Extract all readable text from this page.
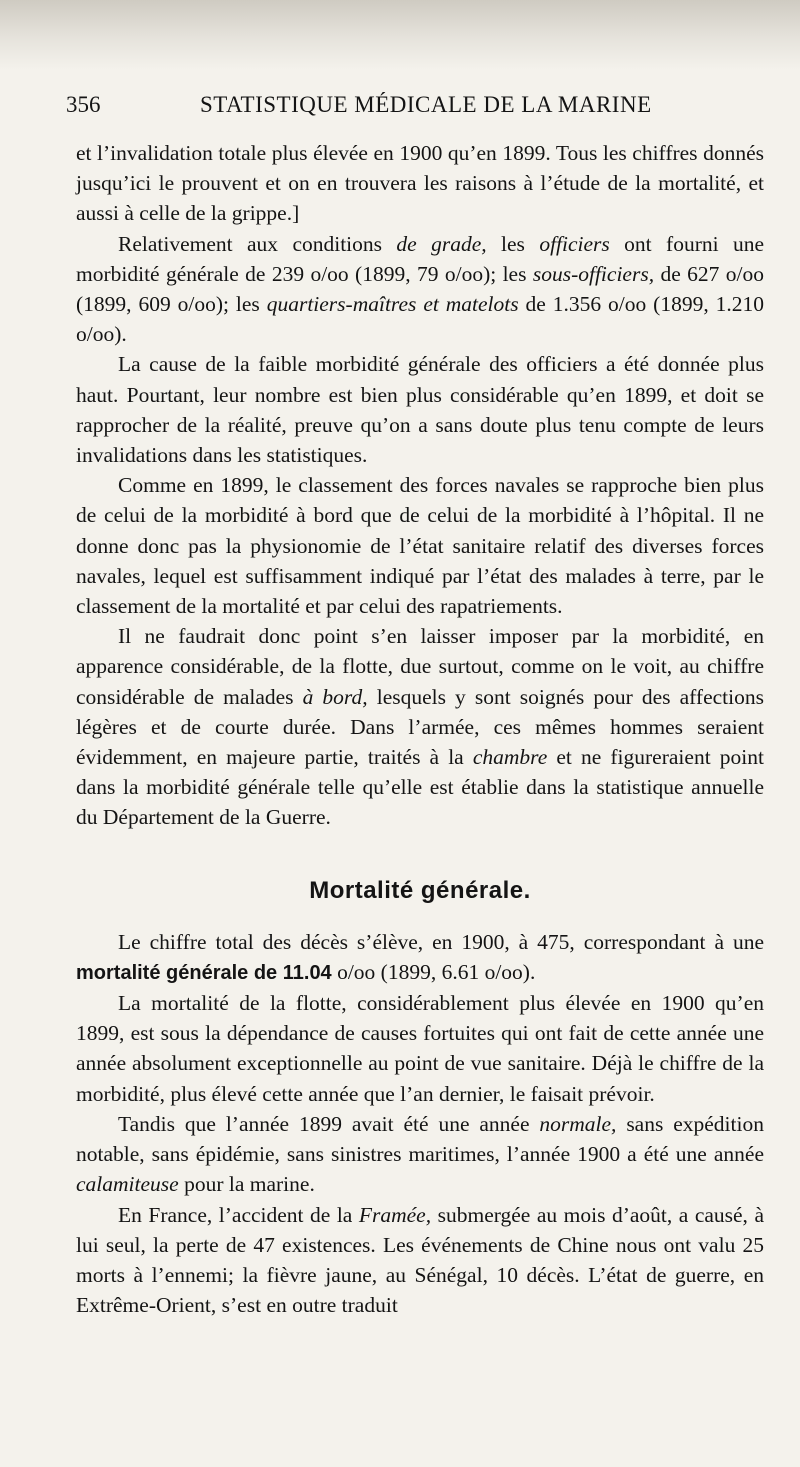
356	STATISTIQUE MÉDICALE DE LA MARINE

et l’invalidation totale plus élevée en 1900 qu’en 1899. Tous les chiffres donnés jusqu’ici le prouvent et on en trouvera les raisons à l’étude de la mortalité, et aussi à celle de la grippe.]

Relativement aux conditions de grade, les officiers ont fourni une morbidité générale de 239 o/oo (1899, 79 o/oo); les sous-officiers, de 627 o/oo (1899, 609 o/oo); les quartiers-maîtres et matelots de 1.356 o/oo (1899, 1.210 o/oo).

La cause de la faible morbidité générale des officiers a été donnée plus haut. Pourtant, leur nombre est bien plus considérable qu’en 1899, et doit se rapprocher de la réalité, preuve qu’on a sans doute plus tenu compte de leurs invalidations dans les statistiques.

Comme en 1899, le classement des forces navales se rapproche bien plus de celui de la morbidité à bord que de celui de la morbidité à l’hôpital. Il ne donne donc pas la physionomie de l’état sanitaire relatif des diverses forces navales, lequel est suffisamment indiqué par l’état des malades à terre, par le classement de la mortalité et par celui des rapatriements.

Il ne faudrait donc point s’en laisser imposer par la morbidité, en apparence considérable, de la flotte, due surtout, comme on le voit, au chiffre considérable de malades à bord, lesquels y sont soignés pour des affections légères et de courte durée. Dans l’armée, ces mêmes hommes seraient évidemment, en majeure partie, traités à la chambre et ne figureraient point dans la morbidité générale telle qu’elle est établie dans la statistique annuelle du Département de la Guerre.

Mortalité générale.

Le chiffre total des décès s’élève, en 1900, à 475, correspondant à une mortalité générale de 11.04 o/oo (1899, 6.61 o/oo).

La mortalité de la flotte, considérablement plus élevée en 1900 qu’en 1899, est sous la dépendance de causes fortuites qui ont fait de cette année une année absolument exceptionnelle au point de vue sanitaire. Déjà le chiffre de la morbidité, plus élevé cette année que l’an dernier, le faisait prévoir.

Tandis que l’année 1899 avait été une année normale, sans expédition notable, sans épidémie, sans sinistres maritimes, l’année 1900 a été une année calamiteuse pour la marine.

En France, l’accident de la Framée, submergée au mois d’août, a causé, à lui seul, la perte de 47 existences. Les événements de Chine nous ont valu 25 morts à l’ennemi; la fièvre jaune, au Sénégal, 10 décès. L’état de guerre, en Extrême-Orient, s’est en outre traduit
